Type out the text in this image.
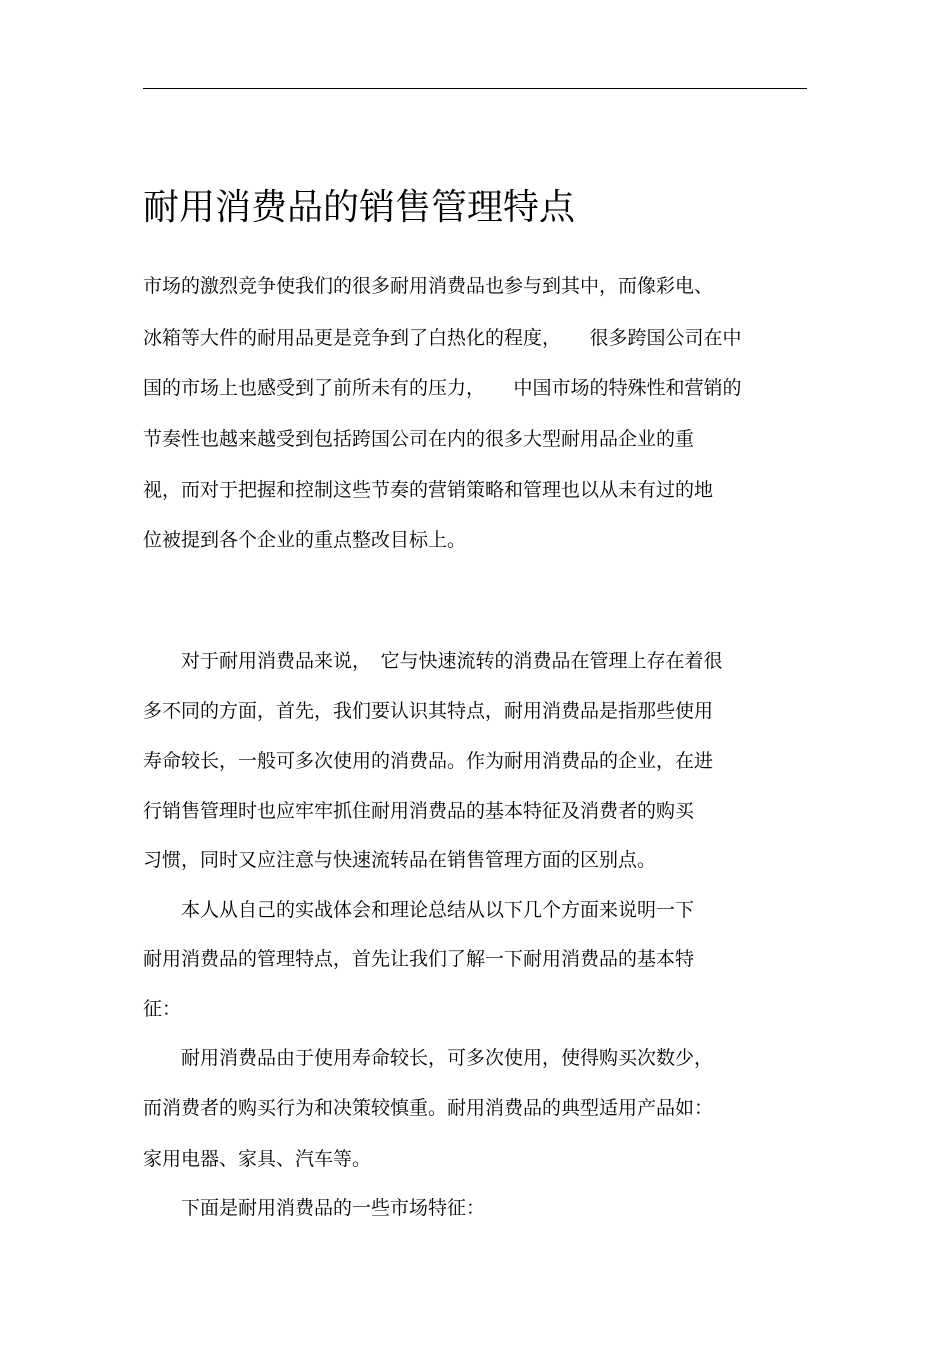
耐用消费品的销售管理特点

市场的激烈竞争使我们的很多耐用消费品也参与到其中，而像彩电、

冰箱等大件的耐用品更是竞争到了白热化的程度，　　很多跨国公司在中

国的市场上也感受到了前所未有的压力，　　中国市场的特殊性和营销的

节奏性也越来越受到包括跨国公司在内的很多大型耐用品企业的重

视，而对于把握和控制这些节奏的营销策略和管理也以从未有过的地

位被提到各个企业的重点整改目标上。

　　对于耐用消费品来说，　它与快速流转的消费品在管理上存在着很

多不同的方面，首先，我们要认识其特点，耐用消费品是指那些使用

寿命较长，一般可多次使用的消费品。作为耐用消费品的企业，在进

行销售管理时也应牢牢抓住耐用消费品的基本特征及消费者的购买

习惯，同时又应注意与快速流转品在销售管理方面的区别点。

　　本人从自己的实战体会和理论总结从以下几个方面来说明一下

耐用消费品的管理特点，首先让我们了解一下耐用消费品的基本特

征：

　　耐用消费品由于使用寿命较长，可多次使用，使得购买次数少，

而消费者的购买行为和决策较慎重。耐用消费品的典型适用产品如：

家用电器、家具、汽车等。

　　下面是耐用消费品的一些市场特征：
